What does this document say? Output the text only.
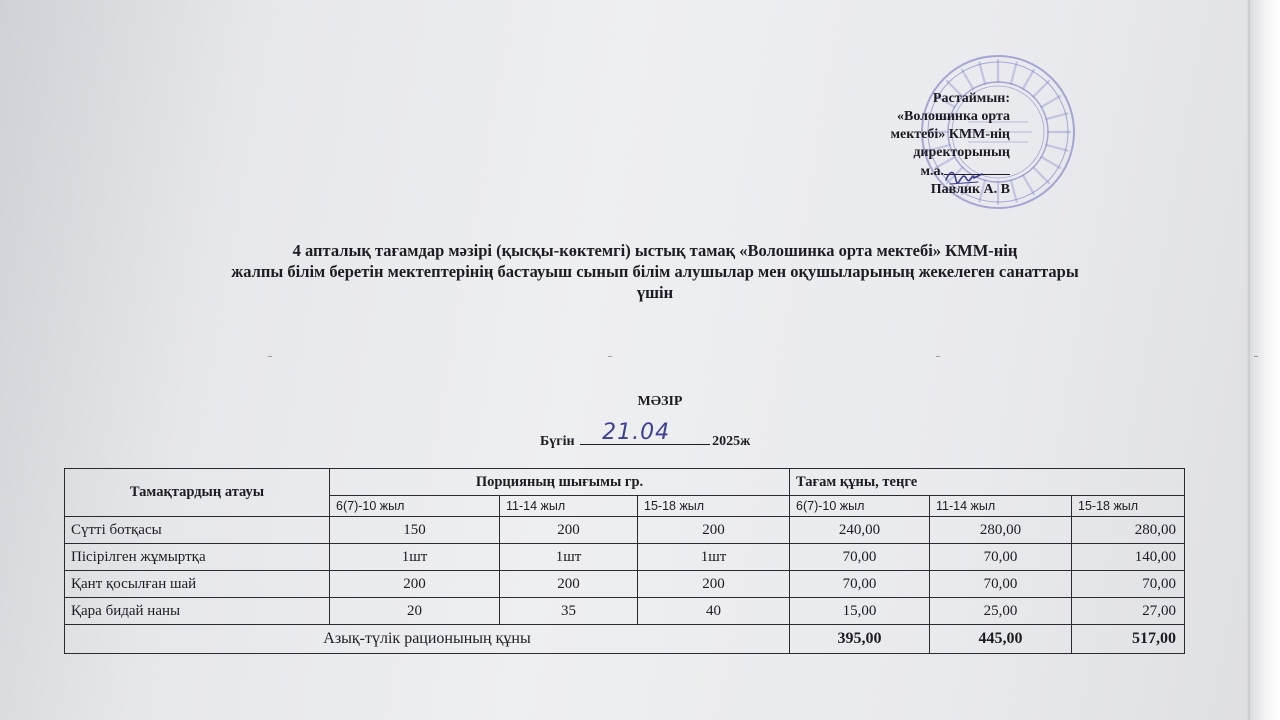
Растаймын:
«Волошинка орта
мектебі» КММ-нің
директорының
м.а.
Павлик А. В
4 апталық тағамдар мәзірі (қысқы-көктемгі) ыстық тамақ «Волошинка орта мектебі» КММ-нің
жалпы білім беретін мектептерінің бастауыш сынып білім алушылар мен оқушыларының жекелеген санаттары
үшін
¨	¨	¨	¨
МӘЗІР
Бүгін 21.04	2025ж
Тамақтардың атауы	Порцияның шығымы гр.			Тағам құны, теңге		
	6(7)-10 жыл	11-14 жыл	15-18 жыл	6(7)-10 жыл	11-14 жыл	15-18 жыл
Сүтті ботқасы	150	200	200	240,00	280,00	280,00
Пісірілген жұмыртқа	1шт	1шт	1шт	70,00	70,00	140,00
Қант қосылған шай	200	200	200	70,00	70,00	70,00
Қара бидай наны	20	35	40	15,00	25,00	27,00
Азық-түлік рационының құны				395,00	445,00	517,00
